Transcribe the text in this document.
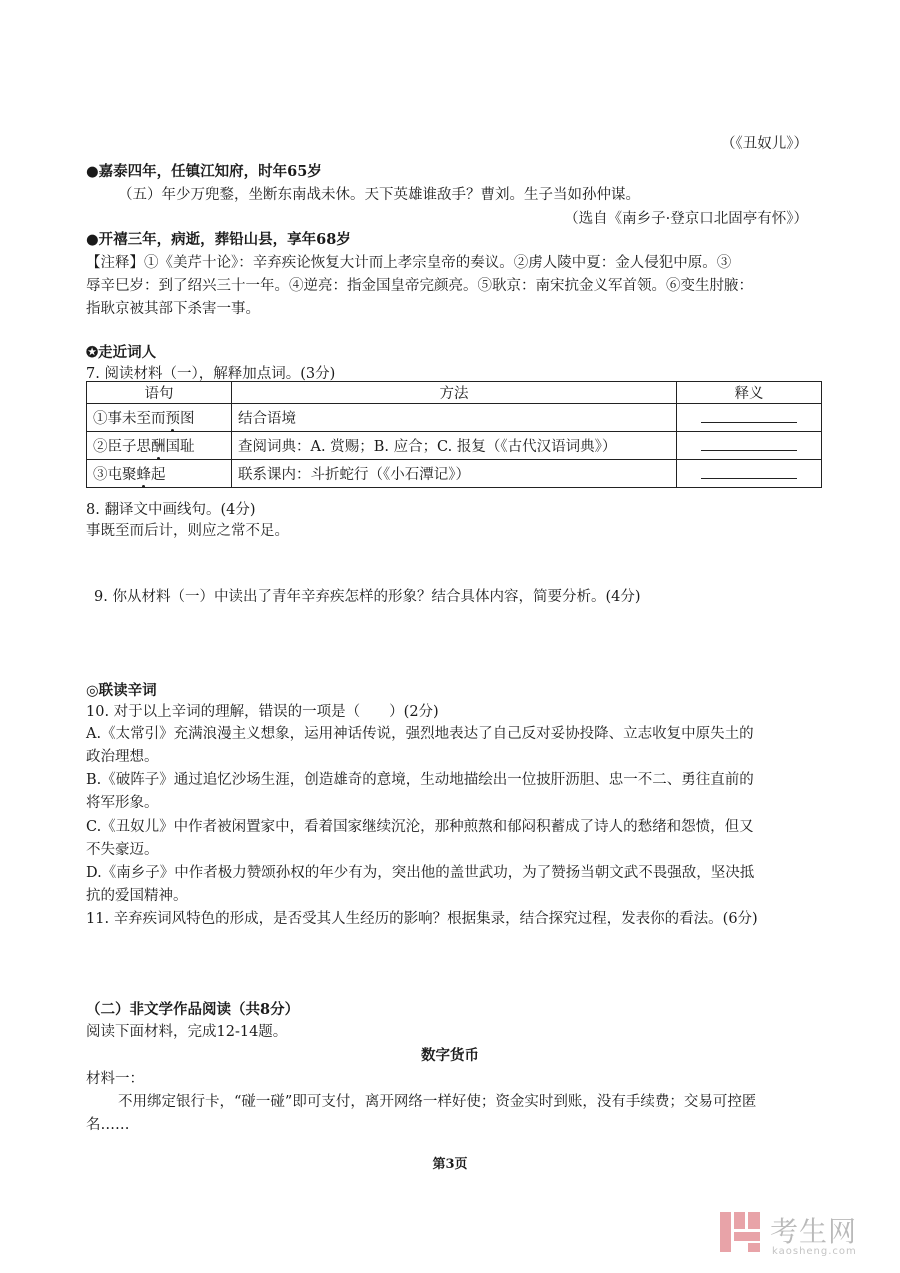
（《丑奴儿》）
●嘉泰四年，任镇江知府，时年65岁
（五）年少万兜鍪，坐断东南战未休。天下英雄谁敌手？曹刘。生子当如孙仲谋。
（选自《南乡子·登京口北固亭有怀》）
●开禧三年，病逝，葬铅山县，享年68岁
【注释】①《美芹十论》：辛弃疾论恢复大计而上孝宗皇帝的奏议。②虏人陵中夏：金人侵犯中原。③
辱辛巳岁：到了绍兴三十一年。④逆亮：指金国皇帝完颜亮。⑤耿京：南宋抗金义军首领。⑥变生肘腋：
指耿京被其部下杀害一事。
✪走近词人
7. 阅读材料（一），解释加点词。(3分)
语句	方法	释义
①事未至而预图	结合语境	
②臣子思酬国耻	查阅词典：A. 赏赐；B. 应合；C. 报复（《古代汉语词典》）	
③屯聚蜂起	联系课内：斗折蛇行（《小石潭记》）	
8. 翻译文中画线句。(4分)
事既至而后计，则应之常不足。
9. 你从材料（一）中读出了青年辛弃疾怎样的形象？结合具体内容，简要分析。(4分)
◎联读辛词
10. 对于以上辛词的理解，错误的一项是（　　）(2分)
A.《太常引》充满浪漫主义想象，运用神话传说，强烈地表达了自己反对妥协投降、立志收复中原失土的
政治理想。
B.《破阵子》通过追忆沙场生涯，创造雄奇的意境，生动地描绘出一位披肝沥胆、忠一不二、勇往直前的
将军形象。
C.《丑奴儿》中作者被闲置家中，看着国家继续沉沦，那种煎熬和郁闷积蓄成了诗人的愁绪和怨愤，但又
不失豪迈。
D.《南乡子》中作者极力赞颂孙权的年少有为，突出他的盖世武功，为了赞扬当朝文武不畏强敌，坚决抵
抗的爱国精神。
11. 辛弃疾词风特色的形成，是否受其人生经历的影响？根据集录，结合探究过程，发表你的看法。(6分)
（二）非文学作品阅读（共8分）
阅读下面材料，完成12-14题。
数字货币
材料一：
不用绑定银行卡，“碰一碰”即可支付，离开网络一样好使；资金实时到账，没有手续费；交易可控匿
名……
第3页
考生网
kaosheng.com
